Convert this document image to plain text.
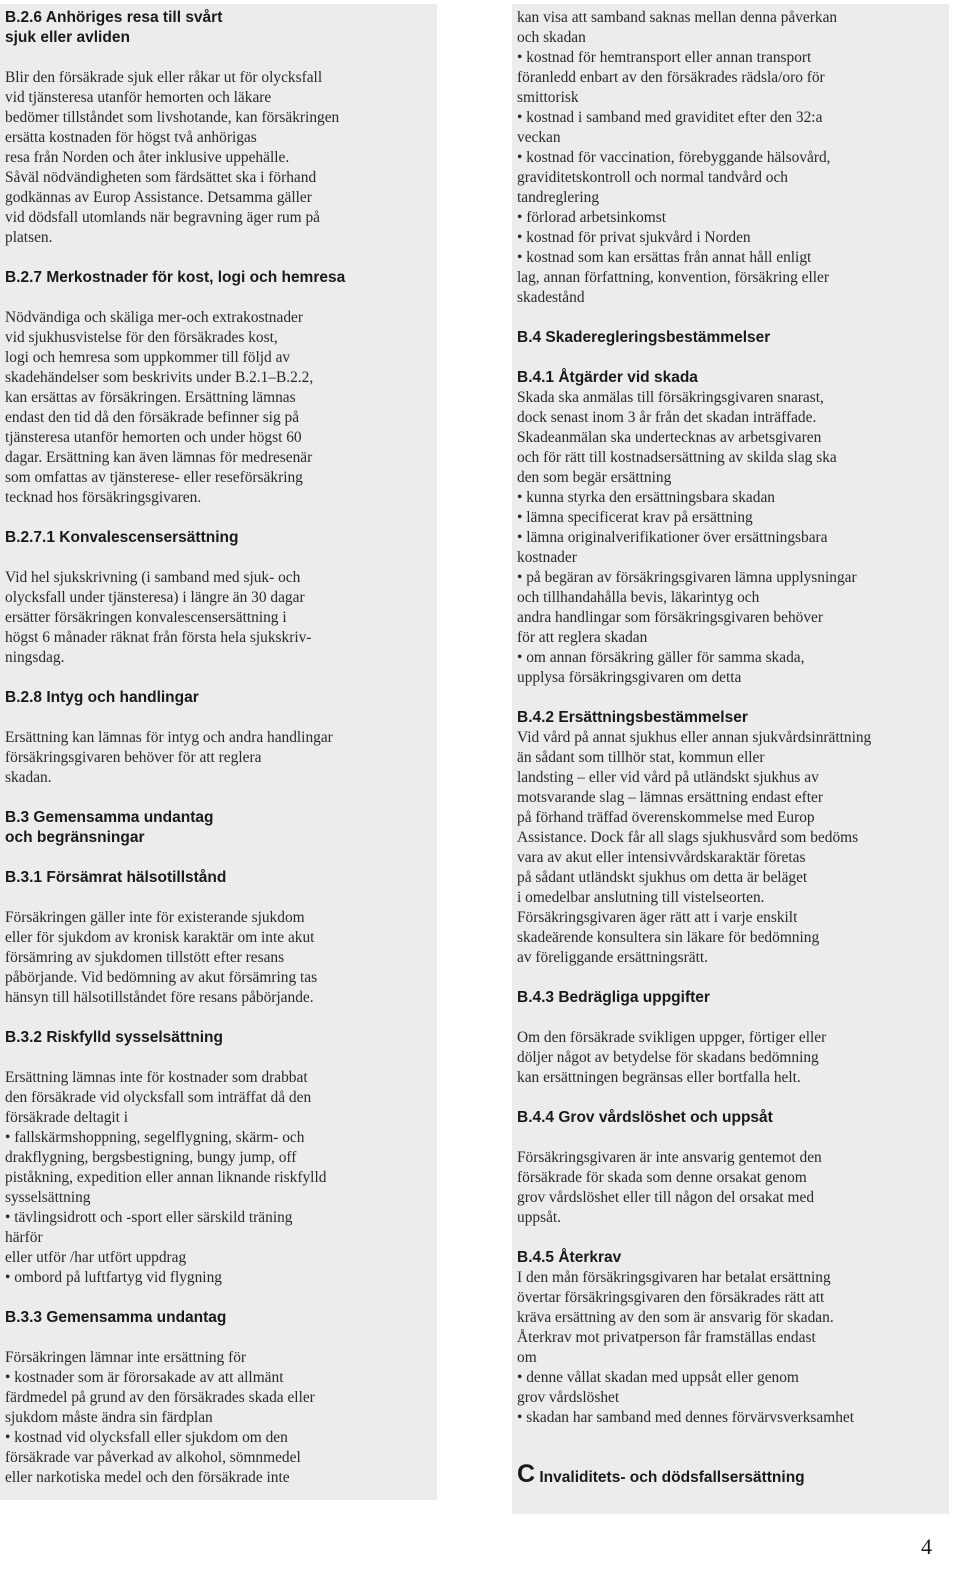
B.2.6 Anhöriges resa till svårt
sjuk eller avliden
Blir den försäkrade sjuk eller råkar ut för olycksfall
vid tjänsteresa utanför hemorten och läkare
bedömer tillståndet som livshotande, kan försäkringen
ersätta kostnaden för högst två anhörigas
resa från Norden och åter inklusive uppehälle.
Såväl nödvändigheten som färdsättet ska i förhand
godkännas av Europ Assistance. Detsamma gäller
vid dödsfall utomlands när begravning äger rum på
platsen.
B.2.7 Merkostnader för kost, logi och hemresa
Nödvändiga och skäliga mer-och extrakostnader
vid sjukhusvistelse för den försäkrades kost,
logi och hemresa som uppkommer till följd av
skadehändelser som beskrivits under B.2.1–B.2.2,
kan ersättas av försäkringen. Ersättning lämnas
endast den tid då den försäkrade befinner sig på
tjänsteresa utanför hemorten och under högst 60
dagar. Ersättning kan även lämnas för medresenär
som omfattas av tjänsterese- eller reseförsäkring
tecknad hos försäkringsgivaren.
B.2.7.1 Konvalescensersättning
Vid hel sjukskrivning (i samband med sjuk- och
olycksfall under tjänsteresa) i längre än 30 dagar
ersätter försäkringen konvalescensersättning i
högst 6 månader räknat från första hela sjukskriv-
ningsdag.
B.2.8 Intyg och handlingar
Ersättning kan lämnas för intyg och andra handlingar
försäkringsgivaren behöver för att reglera
skadan.
B.3 Gemensamma undantag
och begränsningar
B.3.1 Försämrat hälsotillstånd
Försäkringen gäller inte för existerande sjukdom
eller för sjukdom av kronisk karaktär om inte akut
försämring av sjukdomen tillstött efter resans
påbörjande. Vid bedömning av akut försämring tas
hänsyn till hälsotillståndet före resans påbörjande.
B.3.2 Riskfylld sysselsättning
Ersättning lämnas inte för kostnader som drabbat
den försäkrade vid olycksfall som inträffat då den
försäkrade deltagit i
• fallskärmshoppning, segelflygning, skärm- och
drakflygning, bergsbestigning, bungy jump, off
piståkning, expedition eller annan liknande riskfylld
sysselsättning
• tävlingsidrott och -sport eller särskild träning
härför
eller utför /har utfört uppdrag
• ombord på luftfartyg vid flygning
B.3.3 Gemensamma undantag
Försäkringen lämnar inte ersättning för
• kostnader som är förorsakade av att allmänt
färdmedel på grund av den försäkrades skada eller
sjukdom måste ändra sin färdplan
• kostnad vid olycksfall eller sjukdom om den
försäkrade var påverkad av alkohol, sömnmedel
eller narkotiska medel och den försäkrade inte
kan visa att samband saknas mellan denna påverkan
och skadan
• kostnad för hemtransport eller annan transport
föranledd enbart av den försäkrades rädsla/oro för
smittorisk
• kostnad i samband med graviditet efter den 32:a
veckan
• kostnad för vaccination, förebyggande hälsovård,
graviditetskontroll och normal tandvård och
tandreglering
• förlorad arbetsinkomst
• kostnad för privat sjukvård i Norden
• kostnad som kan ersättas från annat håll enligt
lag, annan författning, konvention, försäkring eller
skadestånd
B.4 Skaderegleringsbestämmelser
B.4.1 Åtgärder vid skada
Skada ska anmälas till försäkringsgivaren snarast,
dock senast inom 3 år från det skadan inträffade.
Skadeanmälan ska undertecknas av arbetsgivaren
och för rätt till kostnadsersättning av skilda slag ska
den som begär ersättning
• kunna styrka den ersättningsbara skadan
• lämna specificerat krav på ersättning
• lämna originalverifikationer över ersättningsbara
kostnader
• på begäran av försäkringsgivaren lämna upplysningar
och tillhandahålla bevis, läkarintyg och
andra handlingar som försäkringsgivaren behöver
för att reglera skadan
• om annan försäkring gäller för samma skada,
upplysa försäkringsgivaren om detta
B.4.2 Ersättningsbestämmelser
Vid vård på annat sjukhus eller annan sjukvårdsinrättning
än sådant som tillhör stat, kommun eller
landsting – eller vid vård på utländskt sjukhus av
motsvarande slag – lämnas ersättning endast efter
på förhand träffad överenskommelse med Europ
Assistance. Dock får all slags sjukhusvård som bedöms
vara av akut eller intensivvårdskaraktär företas
på sådant utländskt sjukhus om detta är beläget
i omedelbar anslutning till vistelseorten.
Försäkringsgivaren äger rätt att i varje enskilt
skadeärende konsultera sin läkare för bedömning
av föreliggande ersättningsrätt.
B.4.3 Bedrägliga uppgifter
Om den försäkrade svikligen uppger, förtiger eller
döljer något av betydelse för skadans bedömning
kan ersättningen begränsas eller bortfalla helt.
B.4.4 Grov vårdslöshet och uppsåt
Försäkringsgivaren är inte ansvarig gentemot den
försäkrade för skada som denne orsakat genom
grov vårdslöshet eller till någon del orsakat med
uppsåt.
B.4.5 Återkrav
I den mån försäkringsgivaren har betalat ersättning
övertar försäkringsgivaren den försäkrades rätt att
kräva ersättning av den som är ansvarig för skadan.
Återkrav mot privatperson får framställas endast
om
• denne vållat skadan med uppsåt eller genom
grov vårdslöshet
• skadan har samband med dennes förvärvsverksamhet
C Invaliditets- och dödsfallsersättning
4
